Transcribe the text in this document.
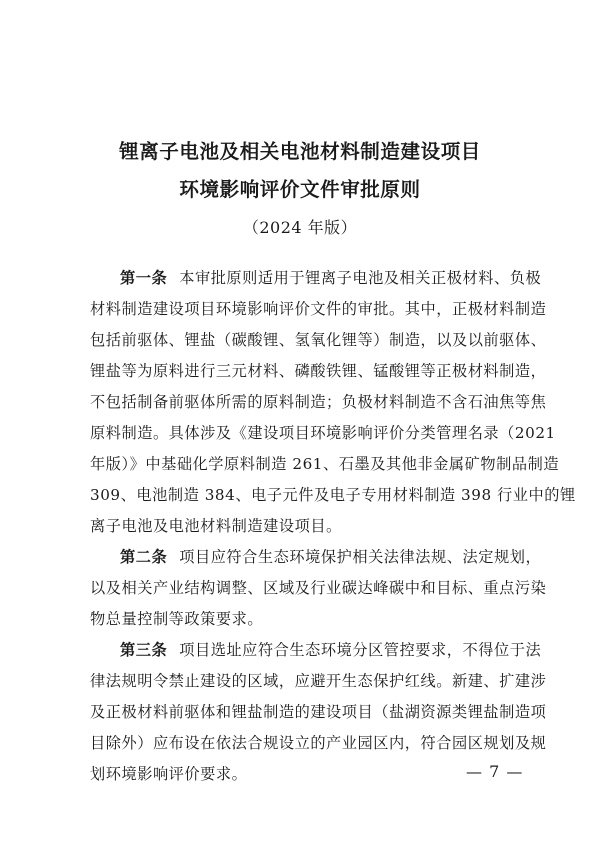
锂离子电池及相关电池材料制造建设项目
环境影响评价文件审批原则
（2024 年版）
第一条 本审批原则适用于锂离子电池及相关正极材料、负极
材料制造建设项目环境影响评价文件的审批。其中，正极材料制造
包括前驱体、锂盐（碳酸锂、氢氧化锂等）制造，以及以前驱体、
锂盐等为原料进行三元材料、磷酸铁锂、锰酸锂等正极材料制造，
不包括制备前驱体所需的原料制造；负极材料制造不含石油焦等焦
原料制造。具体涉及《建设项目环境影响评价分类管理名录（2021
年版）》中基础化学原料制造 261、石墨及其他非金属矿物制品制造
309、电池制造 384、电子元件及电子专用材料制造 398 行业中的锂
离子电池及电池材料制造建设项目。
第二条 项目应符合生态环境保护相关法律法规、法定规划，
以及相关产业结构调整、区域及行业碳达峰碳中和目标、重点污染
物总量控制等政策要求。
第三条 项目选址应符合生态环境分区管控要求，不得位于法
律法规明令禁止建设的区域，应避开生态保护红线。新建、扩建涉
及正极材料前驱体和锂盐制造的建设项目（盐湖资源类锂盐制造项
目除外）应布设在依法合规设立的产业园区内，符合园区规划及规
划环境影响评价要求。	— 7 —
